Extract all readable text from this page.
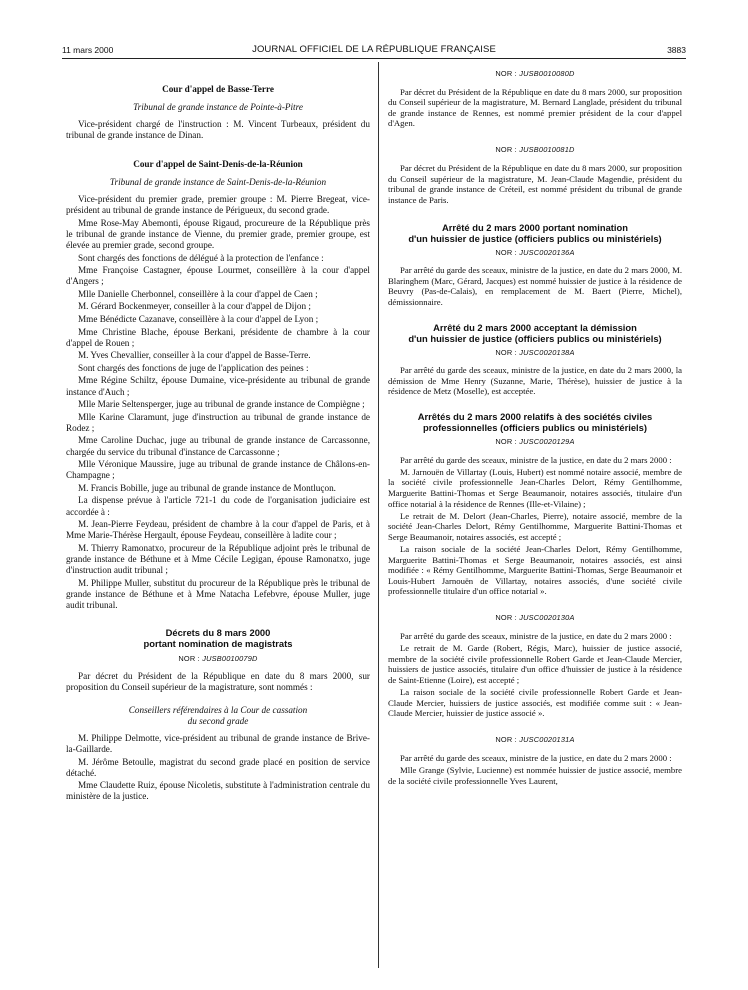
11 mars 2000	JOURNAL OFFICIEL DE LA RÉPUBLIQUE FRANÇAISE	3883
Cour d'appel de Basse-Terre
Tribunal de grande instance de Pointe-à-Pitre

Vice-président chargé de l'instruction : M. Vincent Turbeaux, président du tribunal de grande instance de Dinan.

Cour d'appel de Saint-Denis-de-la-Réunion
Tribunal de grande instance de Saint-Denis-de-la-Réunion

Vice-président du premier grade, premier groupe : M. Pierre Bregeat, vice-président au tribunal de grande instance de Périgueux, du second grade.

Mme Rose-May Abemonti, épouse Rigaud, procureure de la République près le tribunal de grande instance de Vienne, du premier grade, premier groupe, est élevée au premier grade, second groupe.

Sont chargés des fonctions de délégué à la protection de l'enfance :

Mme Françoise Castagner, épouse Lourmet, conseillère à la cour d'appel d'Angers ;

Mlle Danielle Cherbonnel, conseillère à la cour d'appel de Caen ;

M. Gérard Bockenmeyer, conseiller à la cour d'appel de Dijon ;

Mme Bénédicte Cazanave, conseillère à la cour d'appel de Lyon ;

Mme Christine Blache, épouse Berkani, présidente de chambre à la cour d'appel de Rouen ;

M. Yves Chevallier, conseiller à la cour d'appel de Basse-Terre.

Sont chargés des fonctions de juge de l'application des peines :

Mme Régine Schiltz, épouse Dumaine, vice-présidente au tribunal de grande instance d'Auch ;

Mlle Marie Seltensperger, juge au tribunal de grande instance de Compiègne ;

Mlle Karine Claramunt, juge d'instruction au tribunal de grande instance de Rodez ;

Mme Caroline Duchac, juge au tribunal de grande instance de Carcassonne, chargée du service du tribunal d'instance de Carcassonne ;

Mlle Véronique Maussire, juge au tribunal de grande instance de Châlons-en-Champagne ;

M. Francis Bobille, juge au tribunal de grande instance de Montluçon.

La dispense prévue à l'article 721-1 du code de l'organisation judiciaire est accordée à :

M. Jean-Pierre Feydeau, président de chambre à la cour d'appel de Paris, et à Mme Marie-Thérèse Hergault, épouse Feydeau, conseillère à ladite cour ;

M. Thierry Ramonatxo, procureur de la République adjoint près le tribunal de grande instance de Béthune et à Mme Cécile Legigan, épouse Ramonatxo, juge d'instruction audit tribunal ;

M. Philippe Muller, substitut du procureur de la République près le tribunal de grande instance de Béthune et à Mme Natacha Lefebvre, épouse Muller, juge audit tribunal.

Décrets du 8 mars 2000
portant nomination de magistrats
NOR : JUSB0010079D

Par décret du Président de la République en date du 8 mars 2000, sur proposition du Conseil supérieur de la magistrature, sont nommés :

Conseillers référendaires à la Cour de cassation
du second grade

M. Philippe Delmotte, vice-président au tribunal de grande instance de Brive-la-Gaillarde.

M. Jérôme Betoulle, magistrat du second grade placé en position de service détaché.

Mme Claudette Ruiz, épouse Nicoletis, substitute à l'administration centrale du ministère de la justice.

NOR : JUSB0010080D

Par décret du Président de la République en date du 8 mars 2000, sur proposition du Conseil supérieur de la magistrature, M. Bernard Langlade, président du tribunal de grande instance de Rennes, est nommé premier président de la cour d'appel d'Agen.

NOR : JUSB0010081D

Par décret du Président de la République en date du 8 mars 2000, sur proposition du Conseil supérieur de la magistrature, M. Jean-Claude Magendie, président du tribunal de grande instance de Créteil, est nommé président du tribunal de grande instance de Paris.

Arrêté du 2 mars 2000 portant nomination
d'un huissier de justice (officiers publics ou ministériels)
NOR : JUSC0020136A

Par arrêté du garde des sceaux, ministre de la justice, en date du 2 mars 2000, M. Blaringhem (Marc, Gérard, Jacques) est nommé huissier de justice à la résidence de Beuvry (Pas-de-Calais), en remplacement de M. Baert (Pierre, Michel), démissionnaire.

Arrêté du 2 mars 2000 acceptant la démission
d'un huissier de justice (officiers publics ou ministériels)
NOR : JUSC0020138A

Par arrêté du garde des sceaux, ministre de la justice, en date du 2 mars 2000, la démission de Mme Henry (Suzanne, Marie, Thérèse), huissier de justice à la résidence de Metz (Moselle), est acceptée.

Arrêtés du 2 mars 2000 relatifs à des sociétés civiles
professionnelles (officiers publics ou ministériels)
NOR : JUSC0020129A

Par arrêté du garde des sceaux, ministre de la justice, en date du 2 mars 2000 :

M. Jarnouën de Villartay (Louis, Hubert) est nommé notaire associé, membre de la société civile professionnelle Jean-Charles Delort, Rémy Gentilhomme, Marguerite Battini-Thomas et Serge Beaumanoir, notaires associés, titulaire d'un office notarial à la résidence de Rennes (Ille-et-Vilaine) ;

Le retrait de M. Delort (Jean-Charles, Pierre), notaire associé, membre de la société Jean-Charles Delort, Rémy Gentilhomme, Marguerite Battini-Thomas et Serge Beaumanoir, notaires associés, est accepté ;

La raison sociale de la société Jean-Charles Delort, Rémy Gentilhomme, Marguerite Battini-Thomas et Serge Beaumanoir, notaires associés, est ainsi modifiée : « Rémy Gentilhomme, Marguerite Battini-Thomas, Serge Beaumanoir et Louis-Hubert Jarnouën de Villartay, notaires associés, d'une société civile professionnelle titulaire d'un office notarial ».

NOR : JUSC0020130A

Par arrêté du garde des sceaux, ministre de la justice, en date du 2 mars 2000 :

Le retrait de M. Garde (Robert, Régis, Marc), huissier de justice associé, membre de la société civile professionnelle Robert Garde et Jean-Claude Mercier, huissiers de justice associés, titulaire d'un office d'huissier de justice à la résidence de Saint-Etienne (Loire), est accepté ;

La raison sociale de la société civile professionnelle Robert Garde et Jean-Claude Mercier, huissiers de justice associés, est modifiée comme suit : « Jean-Claude Mercier, huissier de justice associé ».

NOR : JUSC0020131A

Par arrêté du garde des sceaux, ministre de la justice, en date du 2 mars 2000 :

Mlle Grange (Sylvie, Lucienne) est nommée huissier de justice associé, membre de la société civile professionnelle Yves Laurent,
